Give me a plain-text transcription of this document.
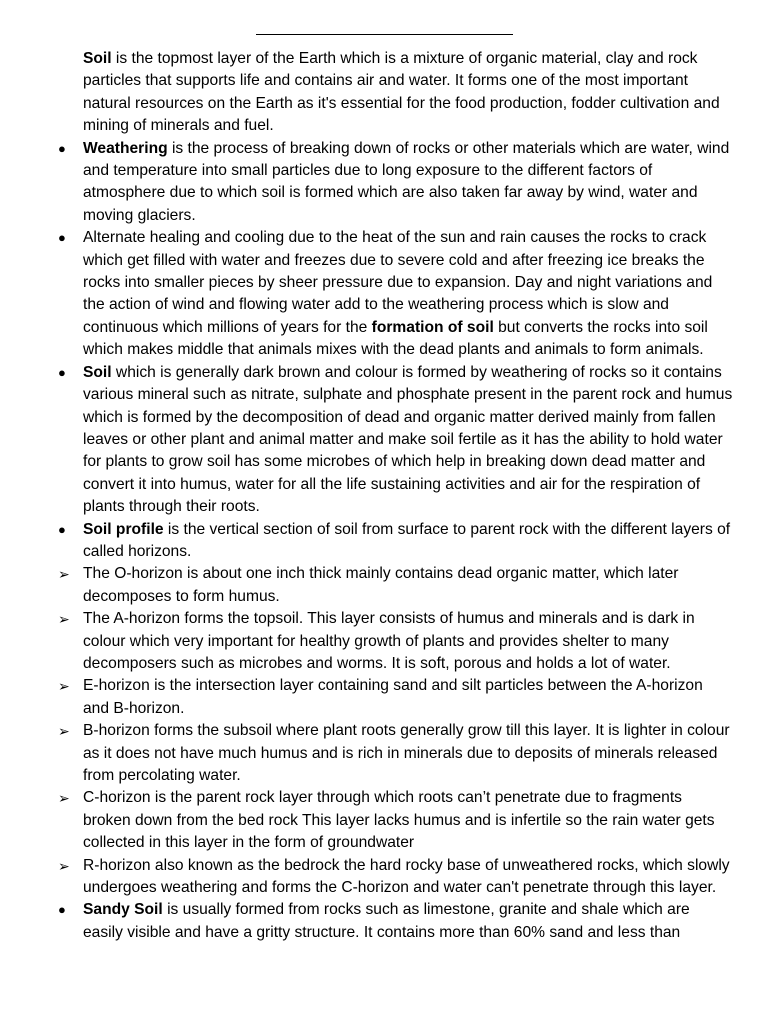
Soil is the topmost layer of the Earth which is a mixture of organic material, clay and rock particles that supports life and contains air and water. It forms one of the most important natural resources on the Earth as it's essential for the food production, fodder cultivation and mining of minerals and fuel.

● Weathering is the process of breaking down of rocks or other materials which are water, wind and temperature into small particles due to long exposure to the different factors of atmosphere due to which soil is formed which are also taken far away by wind, water and moving glaciers.
● Alternate healing and cooling due to the heat of the sun and rain causes the rocks to crack which get filled with water and freezes due to severe cold and after freezing ice breaks the rocks into smaller pieces by sheer pressure due to expansion. Day and night variations and the action of wind and flowing water add to the weathering process which is slow and continuous which millions of years for the formation of soil but converts the rocks into soil which makes middle that animals mixes with the dead plants and animals to form animals.
● Soil which is generally dark brown and colour is formed by weathering of rocks so it contains various mineral such as nitrate, sulphate and phosphate present in the parent rock and humus which is formed by the decomposition of dead and organic matter derived mainly from fallen leaves or other plant and animal matter and make soil fertile as it has the ability to hold water for plants to grow soil has some microbes of which help in breaking down dead matter and convert it into humus, water for all the life sustaining activities and air for the respiration of plants through their roots.
● Soil profile is the vertical section of soil from surface to parent rock with the different layers of called horizons.
➢ The O-horizon is about one inch thick mainly contains dead organic matter, which later decomposes to form humus.
➢ The A-horizon forms the topsoil. This layer consists of humus and minerals and is dark in colour which very important for healthy growth of plants and provides shelter to many decomposers such as microbes and worms. It is soft, porous and holds a lot of water.
➢ E-horizon is the intersection layer containing sand and silt particles between the A-horizon and B-horizon.
➢ B-horizon forms the subsoil where plant roots generally grow till this layer. It is lighter in colour as it does not have much humus and is rich in minerals due to deposits of minerals released from percolating water.
➢ C-horizon is the parent rock layer through which roots can’t penetrate due to fragments broken down from the bed rock This layer lacks humus and is infertile so the rain water gets collected in this layer in the form of groundwater
➢ R-horizon also known as the bedrock the hard rocky base of unweathered rocks, which slowly undergoes weathering and forms the C-horizon and water can't penetrate through this layer.
● Sandy Soil is usually formed from rocks such as limestone, granite and shale which are easily visible and have a gritty structure. It contains more than 60% sand and less than
